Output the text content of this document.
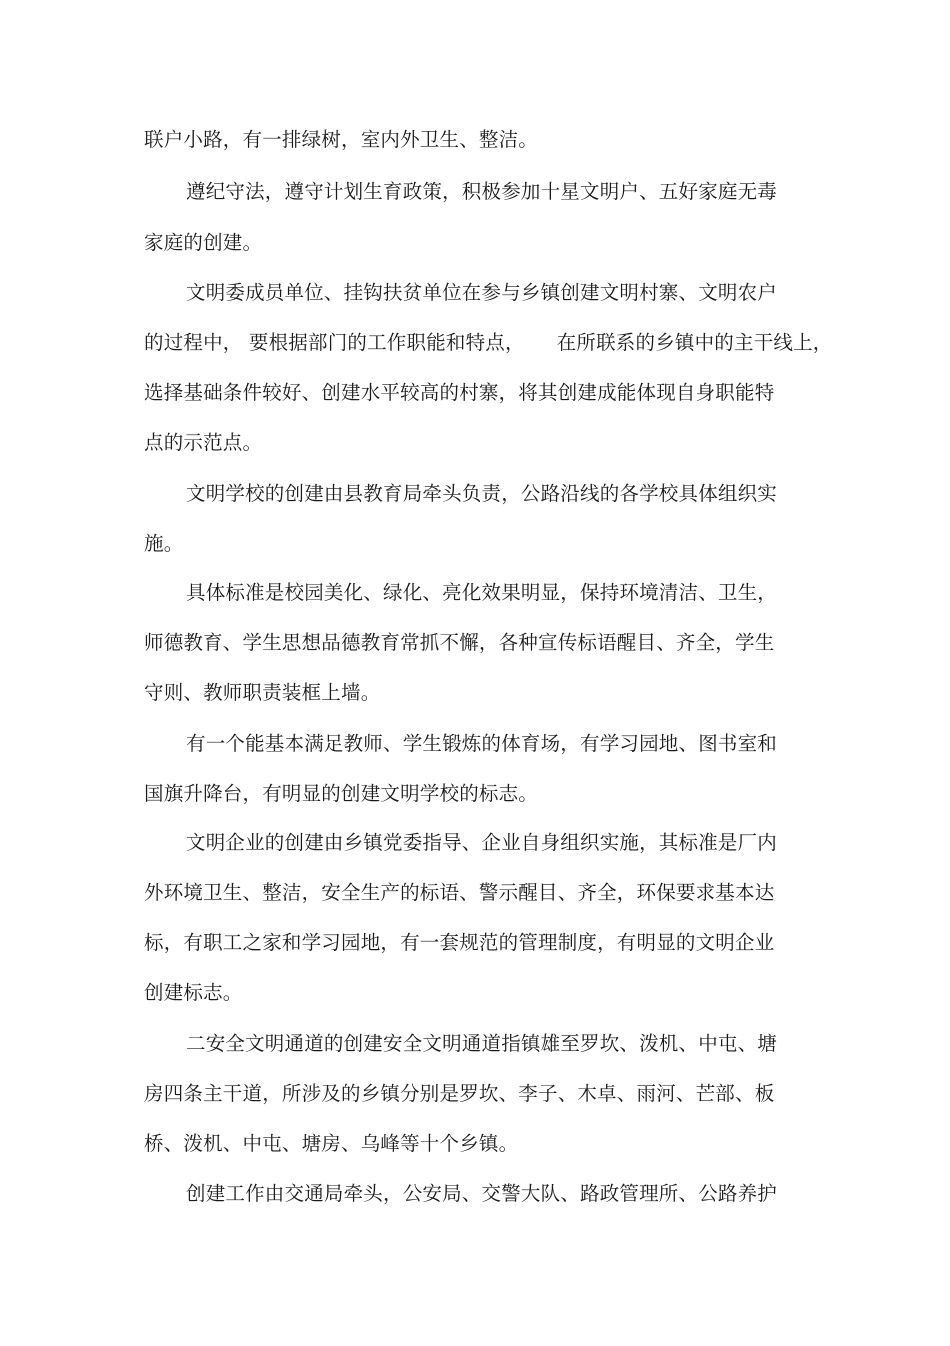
联户小路，有一排绿树，室内外卫生、整洁。
遵纪守法，遵守计划生育政策，积极参加十星文明户、五好家庭无毒
家庭的创建。
文明委成员单位、挂钩扶贫单位在参与乡镇创建文明村寨、文明农户
的过程中， 要根据部门的工作职能和特点，     在所联系的乡镇中的主干线上，
选择基础条件较好、创建水平较高的村寨，将其创建成能体现自身职能特
点的示范点。
文明学校的创建由县教育局牵头负责，公路沿线的各学校具体组织实
施。
具体标准是校园美化、绿化、亮化效果明显，保持环境清洁、卫生，
师德教育、学生思想品德教育常抓不懈，各种宣传标语醒目、齐全，学生
守则、教师职责装框上墙。
有一个能基本满足教师、学生锻炼的体育场，有学习园地、图书室和
国旗升降台，有明显的创建文明学校的标志。
文明企业的创建由乡镇党委指导、企业自身组织实施，其标准是厂内
外环境卫生、整洁，安全生产的标语、警示醒目、齐全，环保要求基本达
标，有职工之家和学习园地，有一套规范的管理制度，有明显的文明企业
创建标志。
二安全文明通道的创建安全文明通道指镇雄至罗坎、泼机、中屯、塘
房四条主干道，所涉及的乡镇分别是罗坎、李子、木卓、雨河、芒部、板
桥、泼机、中屯、塘房、乌峰等十个乡镇。
创建工作由交通局牵头，公安局、交警大队、路政管理所、公路养护
